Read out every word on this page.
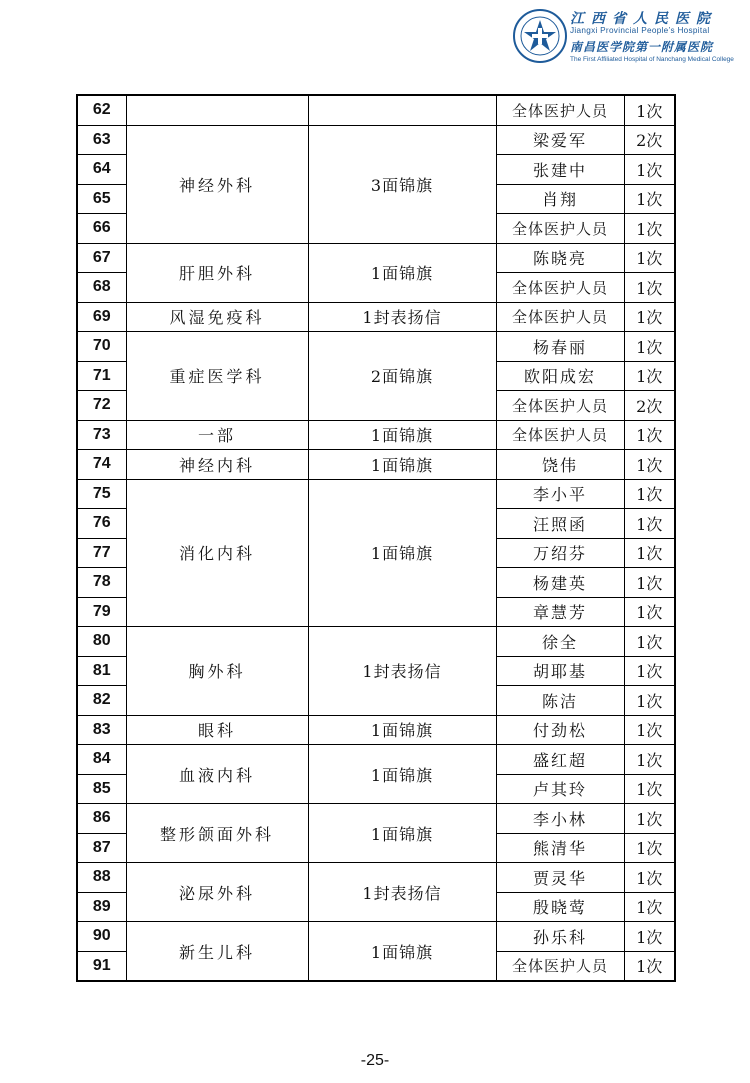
江西省人民医院
Jiangxi Provincial People’s Hospital
南昌医学院第一附属医院
The First Affiliated Hospital of Nanchang Medical College
62			全体医护人员	1次
63	神经外科	3面锦旗	梁爱军	2次
64			张建中	1次
65			肖翔	1次
66			全体医护人员	1次
67	肝胆外科	1面锦旗	陈晓亮	1次
68			全体医护人员	1次
69	风湿免疫科	1封表扬信	全体医护人员	1次
70	重症医学科	2面锦旗	杨春丽	1次
71			欧阳成宏	1次
72			全体医护人员	2次
73	一部	1面锦旗	全体医护人员	1次
74	神经内科	1面锦旗	饶伟	1次
75	消化内科	1面锦旗	李小平	1次
76			汪照函	1次
77			万绍芬	1次
78			杨建英	1次
79			章慧芳	1次
80	胸外科	1封表扬信	徐全	1次
81			胡耶基	1次
82			陈洁	1次
83	眼科	1面锦旗	付劲松	1次
84	血液内科	1面锦旗	盛红超	1次
85			卢其玲	1次
86	整形颌面外科	1面锦旗	李小林	1次
87			熊清华	1次
88	泌尿外科	1封表扬信	贾灵华	1次
89			殷晓莺	1次
90	新生儿科	1面锦旗	孙乐科	1次
91			全体医护人员	1次
-25-
